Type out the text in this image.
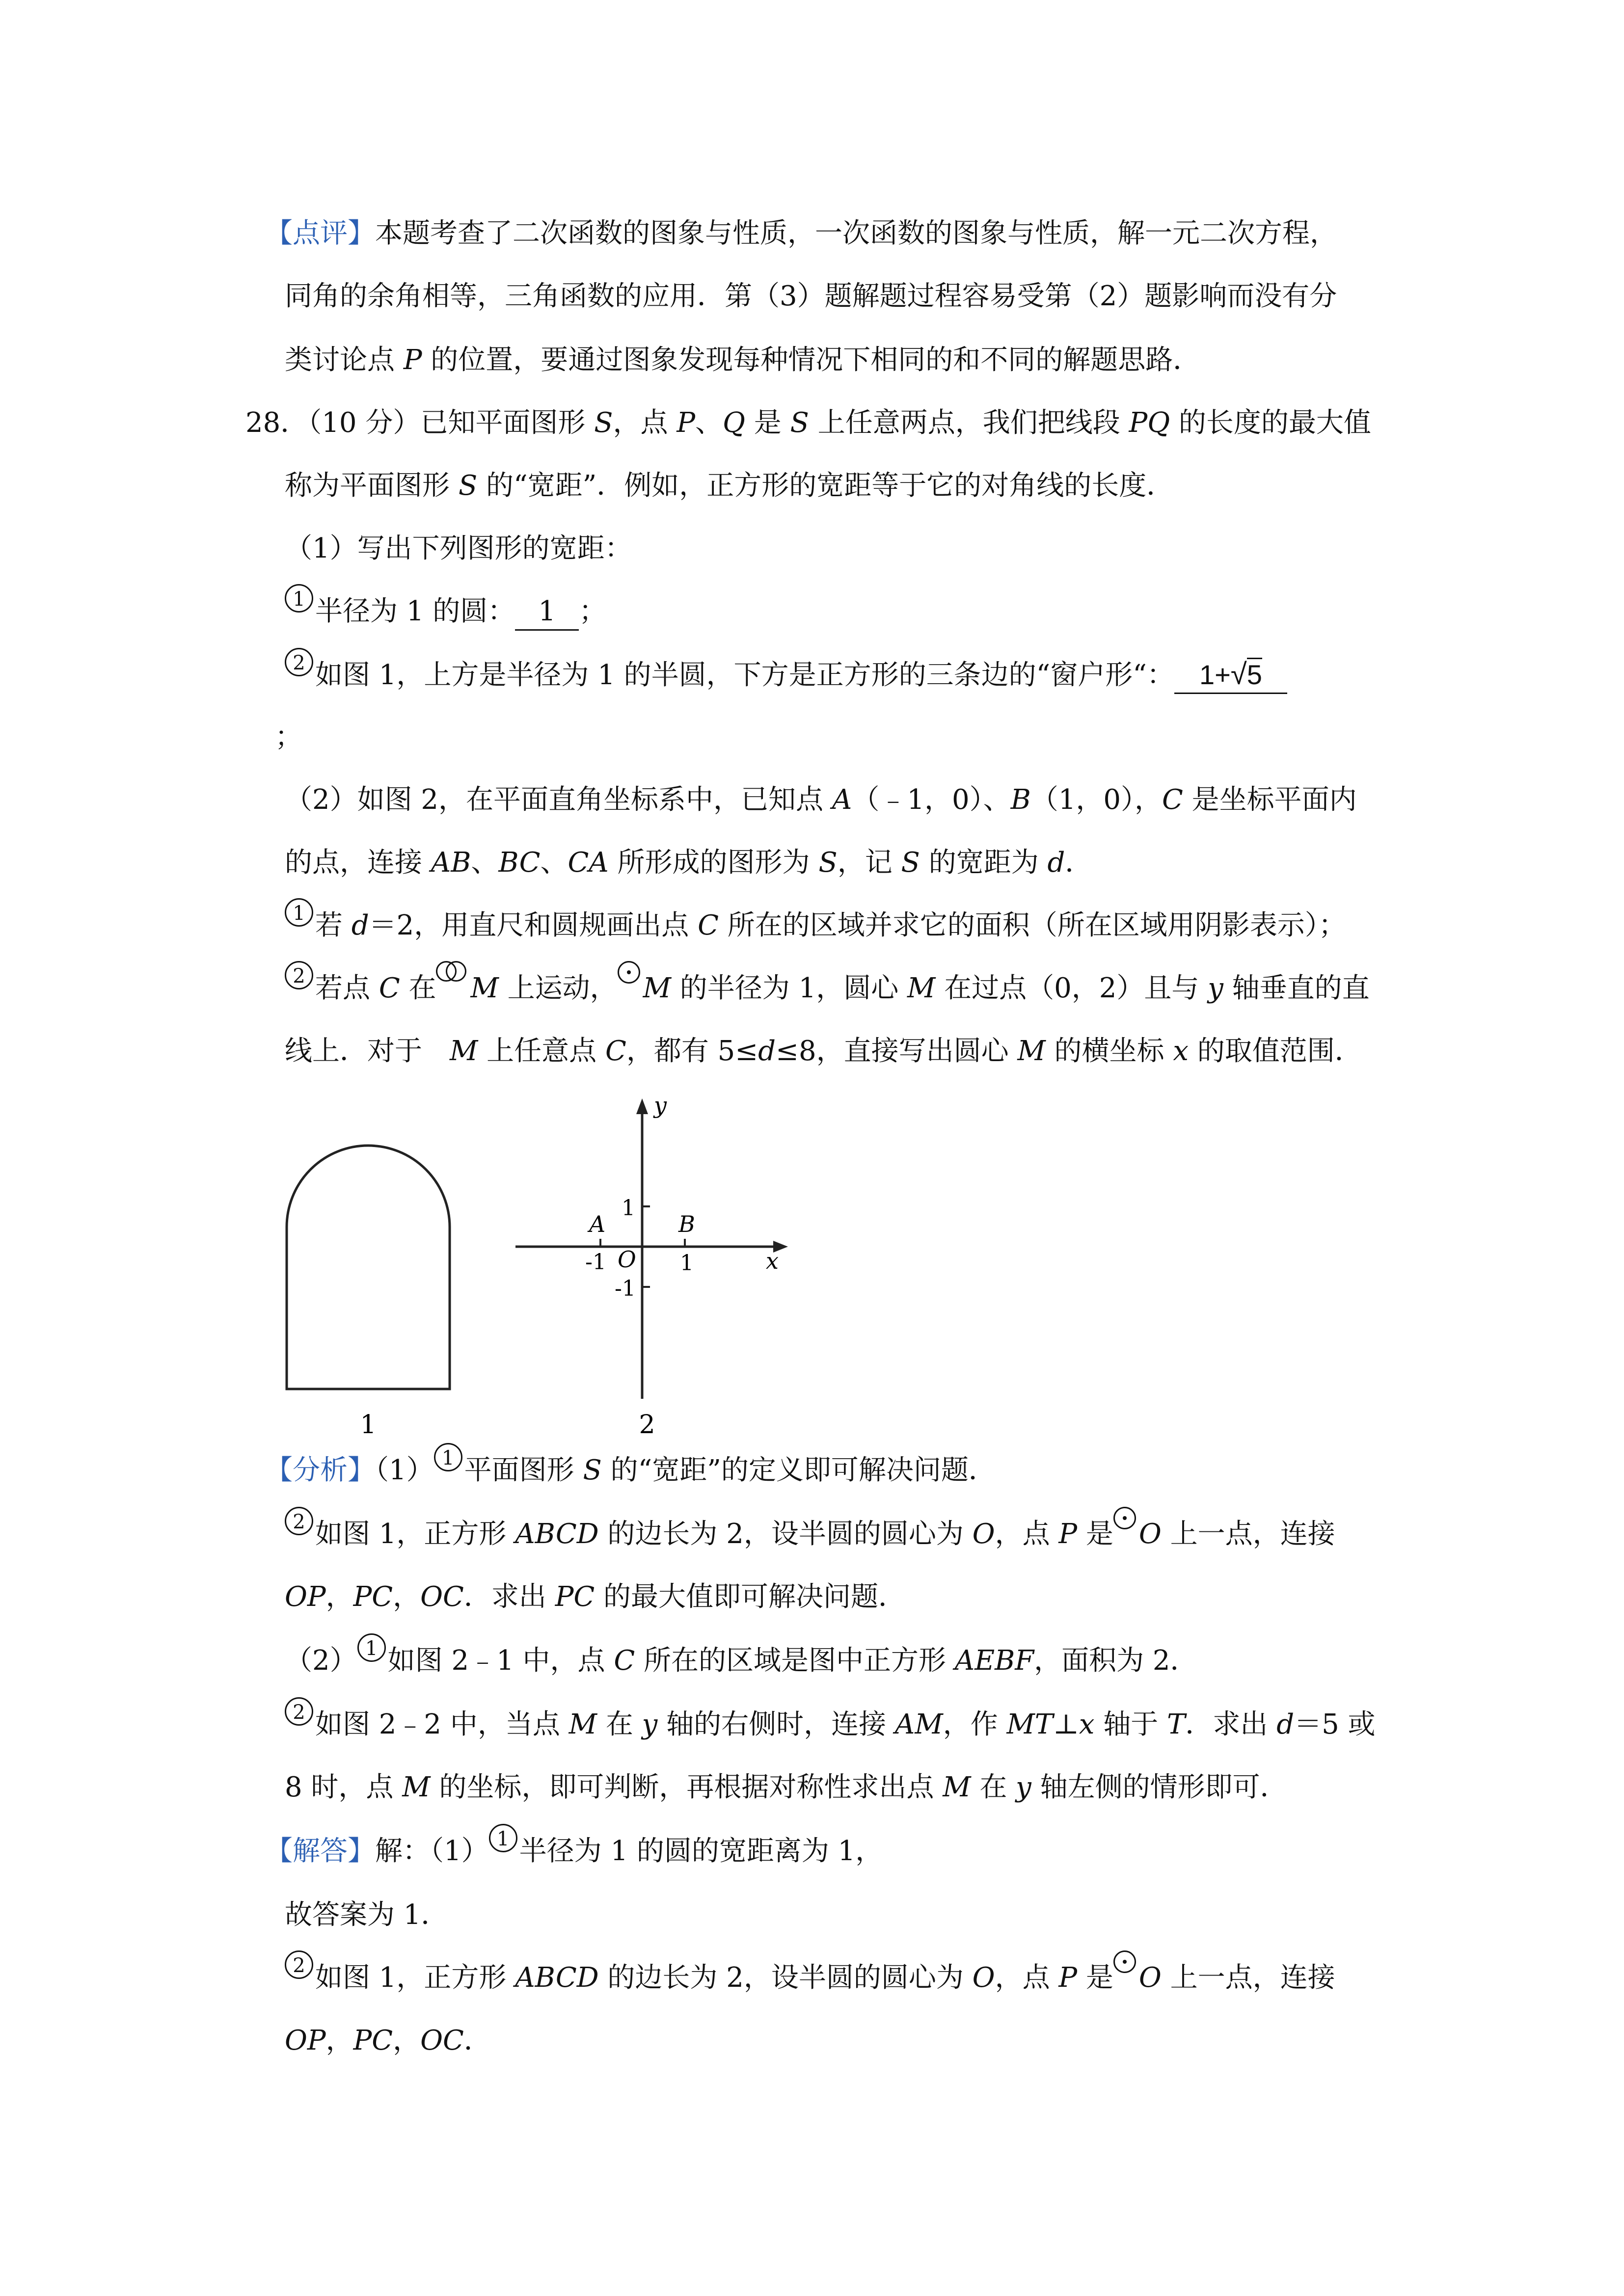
【点评】本题考查了二次函数的图象与性质，一次函数的图象与性质，解一元二次方程，
同角的余角相等，三角函数的应用．第（3）题解题过程容易受第（2）题影响而没有分
类讨论点 P 的位置，要通过图象发现每种情况下相同的和不同的解题思路．
28．（10 分）已知平面图形 S，点 P、Q 是 S 上任意两点，我们把线段 PQ 的长度的最大值
称为平面图形 S 的“宽距”．例如，正方形的宽距等于它的对角线的长度．
（1）写出下列图形的宽距：
1 半径为 1 的圆： 1 ；
2 如图 1，上方是半径为 1 的半圆，下方是正方形的三条边的“窗户形“： 1+√5
；
（2）如图 2，在平面直角坐标系中，已知点 A（﹣1，0）、B（1，0），C 是坐标平面内
的点，连接 AB、BC、CA 所形成的图形为 S，记 S 的宽距为 d．
1 若 d＝2，用直尺和圆规画出点 C 所在的区域并求它的面积（所在区域用阴影表示）；
2 若点 C 在 M 上运动， M 的半径为 1，圆心 M 在过点（0，2）且与 y 轴垂直的直
线上．对于　M 上任意点 C，都有 5≤d≤8，直接写出圆心 M 的横坐标 x 的取值范围．
1
y
x
1
A	B
-1 O 1
-1
2
【分析】（1） 1 平面图形 S 的“宽距”的定义即可解决问题．
2 如图 1，正方形 ABCD 的边长为 2，设半圆的圆心为 O，点 P 是 O 上一点，连接
OP，PC，OC．求出 PC 的最大值即可解决问题．
（2） 1 如图 2﹣1 中，点 C 所在的区域是图中正方形 AEBF，面积为 2．
2 如图 2﹣2 中，当点 M 在 y 轴的右侧时，连接 AM，作 MT⊥x 轴于 T．求出 d＝5 或
8 时，点 M 的坐标，即可判断，再根据对称性求出点 M 在 y 轴左侧的情形即可．
【解答】解：（1） 1 半径为 1 的圆的宽距离为 1，
故答案为 1．
2 如图 1，正方形 ABCD 的边长为 2，设半圆的圆心为 O，点 P 是 O 上一点，连接
OP，PC，OC．
